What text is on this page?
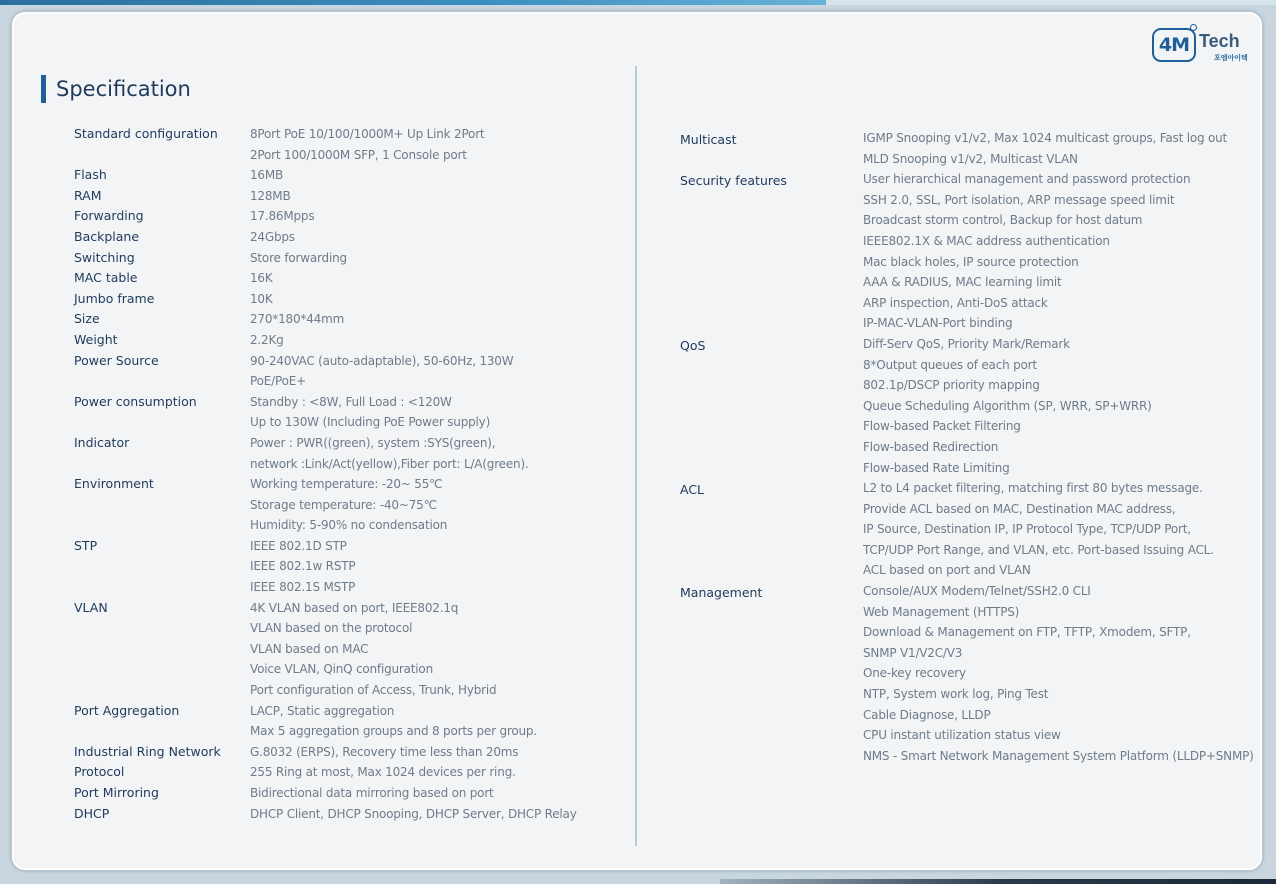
4M Tech
포엠아이텍
Specification
Standard configuration	8Port PoE 10/100/1000M+ Up Link 2Port
2Port 100/1000M SFP, 1 Console port
Flash	16MB
RAM	128MB
Forwarding	17.86Mpps
Backplane	24Gbps
Switching	Store forwarding
MAC table	16K
Jumbo frame	10K
Size	270*180*44mm
Weight	2.2Kg
Power Source	90-240VAC (auto-adaptable), 50-60Hz, 130W
PoE/PoE+
Power consumption	Standby : <8W, Full Load : <120W
Up to 130W (Including PoE Power supply)
Indicator	Power : PWR((green), system :SYS(green),
network :Link/Act(yellow),Fiber port: L/A(green).
Environment	Working temperature: -20~ 55℃
Storage temperature: -40~75℃
Humidity: 5-90% no condensation
STP	IEEE 802.1D STP
IEEE 802.1w RSTP
IEEE 802.1S MSTP
VLAN	4K VLAN based on port, IEEE802.1q
VLAN based on the protocol
VLAN based on MAC
Voice VLAN, QinQ configuration
Port configuration of Access, Trunk, Hybrid
Port Aggregation	LACP, Static aggregation
Max 5 aggregation groups and 8 ports per group.
Industrial Ring Network	G.8032 (ERPS), Recovery time less than 20ms
Protocol	255 Ring at most, Max 1024 devices per ring.
Port Mirroring	Bidirectional data mirroring based on port
DHCP	DHCP Client, DHCP Snooping, DHCP Server, DHCP Relay
Multicast	IGMP Snooping v1/v2, Max 1024 multicast groups, Fast log out
MLD Snooping v1/v2, Multicast VLAN
Security features	User hierarchical management and password protection
SSH 2.0, SSL, Port isolation, ARP message speed limit
Broadcast storm control, Backup for host datum
IEEE802.1X & MAC address authentication
Mac black holes, IP source protection
AAA & RADIUS, MAC learning limit
ARP inspection, Anti-DoS attack
IP-MAC-VLAN-Port binding
QoS	Diff-Serv QoS, Priority Mark/Remark
8*Output queues of each port
802.1p/DSCP priority mapping
Queue Scheduling Algorithm (SP, WRR, SP+WRR)
Flow-based Packet Filtering
Flow-based Redirection
Flow-based Rate Limiting
ACL	L2 to L4 packet filtering, matching first 80 bytes message.
Provide ACL based on MAC, Destination MAC address,
IP Source, Destination IP, IP Protocol Type, TCP/UDP Port,
TCP/UDP Port Range, and VLAN, etc. Port-based Issuing ACL.
ACL based on port and VLAN
Management	Console/AUX Modem/Telnet/SSH2.0 CLI
Web Management (HTTPS)
Download & Management on FTP, TFTP, Xmodem, SFTP,
SNMP V1/V2C/V3
One-key recovery
NTP, System work log, Ping Test
Cable Diagnose, LLDP
CPU instant utilization status view
NMS - Smart Network Management System Platform (LLDP+SNMP)
